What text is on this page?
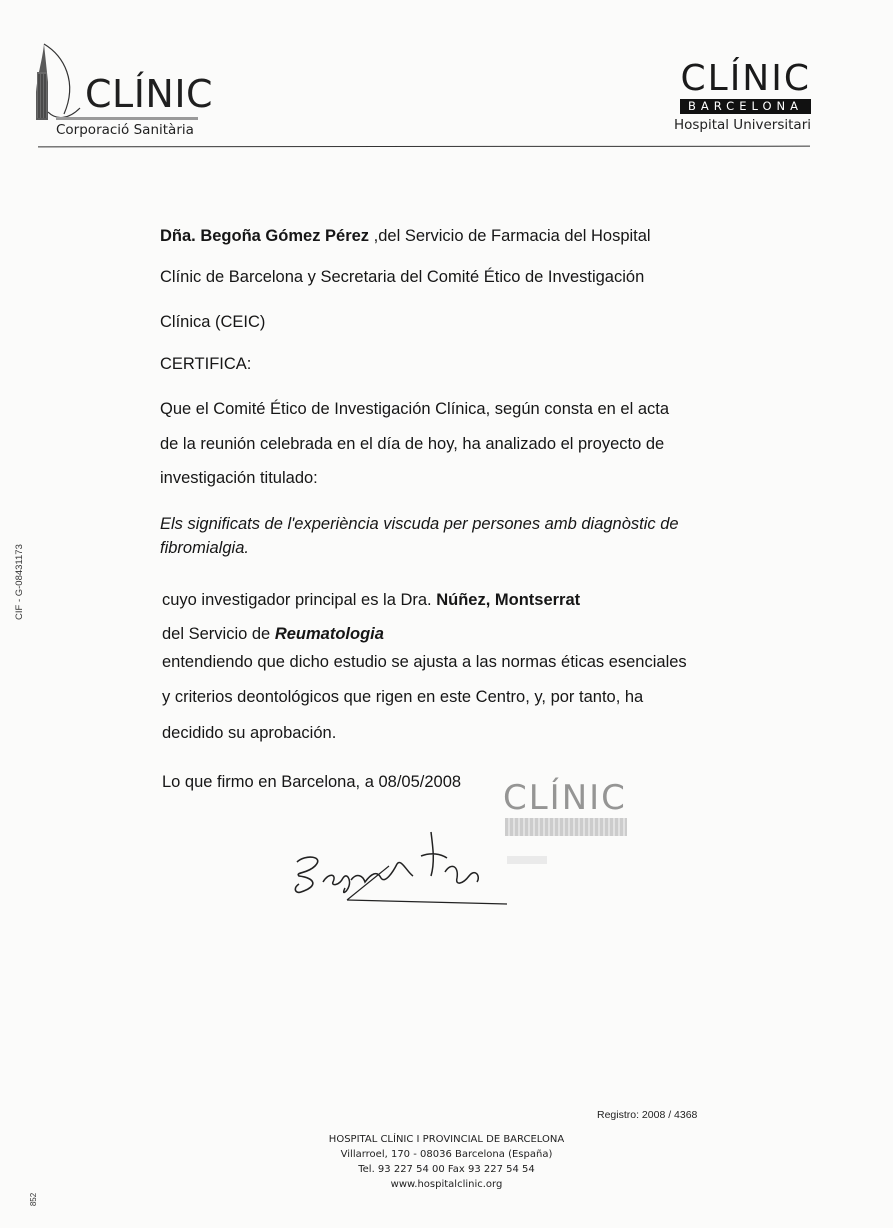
CLÍNIC
Corporació Sanitària
CLÍNIC
BARCELONA
Hospital Universitari
CIF - G-08431173
852
Dña. Begoña Gómez Pérez ,del Servicio de Farmacia del Hospital
Clínic de Barcelona y Secretaria del Comité Ético de Investigación
Clínica (CEIC)
CERTIFICA:
Que el Comité Ético de Investigación Clínica, según consta en el acta
de la reunión celebrada en el día de hoy, ha analizado el proyecto de
investigación titulado:
Els significats de l'experiència viscuda per persones amb diagnòstic de
fibromialgia.
cuyo investigador principal es la Dra. Núñez, Montserrat
del Servicio de Reumatologia
entendiendo que dicho estudio se ajusta a las normas éticas esenciales
y criterios deontológicos que rigen en este Centro, y, por tanto, ha
decidido su aprobación.
Lo que firmo en Barcelona, a 08/05/2008 CLÍNIC
Registro: 2008 / 4368
HOSPITAL CLÍNIC I PROVINCIAL DE BARCELONA
Villarroel, 170 - 08036 Barcelona (España)
Tel. 93 227 54 00 Fax 93 227 54 54
www.hospitalclinic.org
